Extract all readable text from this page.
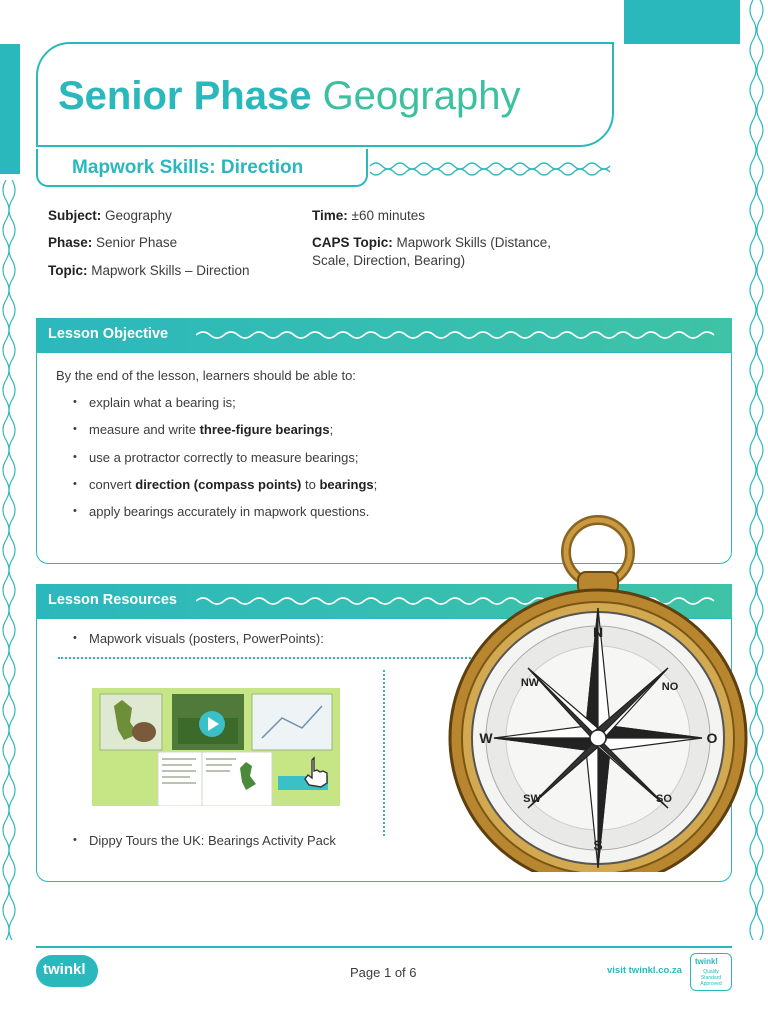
Senior Phase Geography
Mapwork Skills: Direction
Subject: Geography
Phase: Senior Phase
Topic: Mapwork Skills – Direction
Time: ±60 minutes
CAPS Topic: Mapwork Skills (Distance,
Scale, Direction, Bearing)
Lesson Objective
By the end of the lesson, learners should be able to:
• explain what a bearing is;
• measure and write three-figure bearings;
• use a protractor correctly to measure bearings;
• convert direction (compass points) to bearings;
• apply bearings accurately in mapwork questions.
Lesson Resources
• Mapwork visuals (posters, PowerPoints):
• Dippy Tours the UK: Bearings Activity Pack
N
S
W	O
NW	NO
SW	SO
twinkl	Page 1 of 6	visit twinkl.co.za
twinkl
Quality Standard Approved
